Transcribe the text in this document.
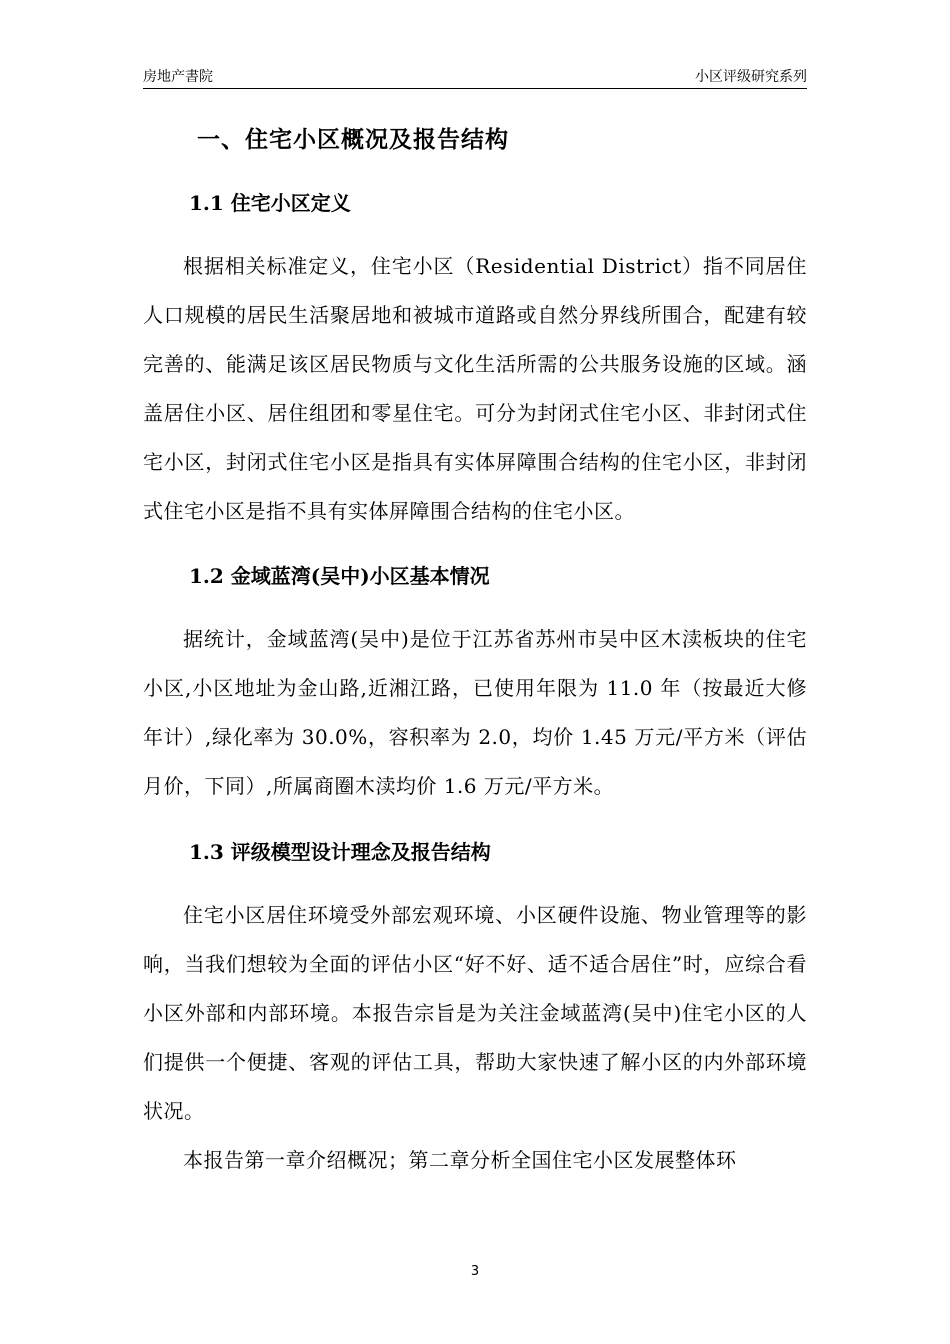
房地产書院	小区评级研究系列
一、住宅小区概况及报告结构
1.1 住宅小区定义

根据相关标准定义，住宅小区（Residential District）指不同居住人口规模的居民生活聚居地和被城市道路或自然分界线所围合，配建有较完善的、能满足该区居民物质与文化生活所需的公共服务设施的区域。涵盖居住小区、居住组团和零星住宅。可分为封闭式住宅小区、非封闭式住宅小区，封闭式住宅小区是指具有实体屏障围合结构的住宅小区，非封闭式住宅小区是指不具有实体屏障围合结构的住宅小区。

1.2 金域蓝湾(吴中)小区基本情况

据统计，金域蓝湾(吴中)是位于江苏省苏州市吴中区木渎板块的住宅小区,小区地址为金山路,近湘江路，已使用年限为 11.0 年（按最近大修年计）,绿化率为 30.0%，容积率为 2.0，均价 1.45 万元/平方米（评估月价，下同）,所属商圈木渎均价 1.6 万元/平方米。

1.3 评级模型设计理念及报告结构

住宅小区居住环境受外部宏观环境、小区硬件设施、物业管理等的影响，当我们想较为全面的评估小区“好不好、适不适合居住”时，应综合看小区外部和内部环境。本报告宗旨是为关注金域蓝湾(吴中)住宅小区的人们提供一个便捷、客观的评估工具，帮助大家快速了解小区的内外部环境状况。

本报告第一章介绍概况；第二章分析全国住宅小区发展整体环

3
